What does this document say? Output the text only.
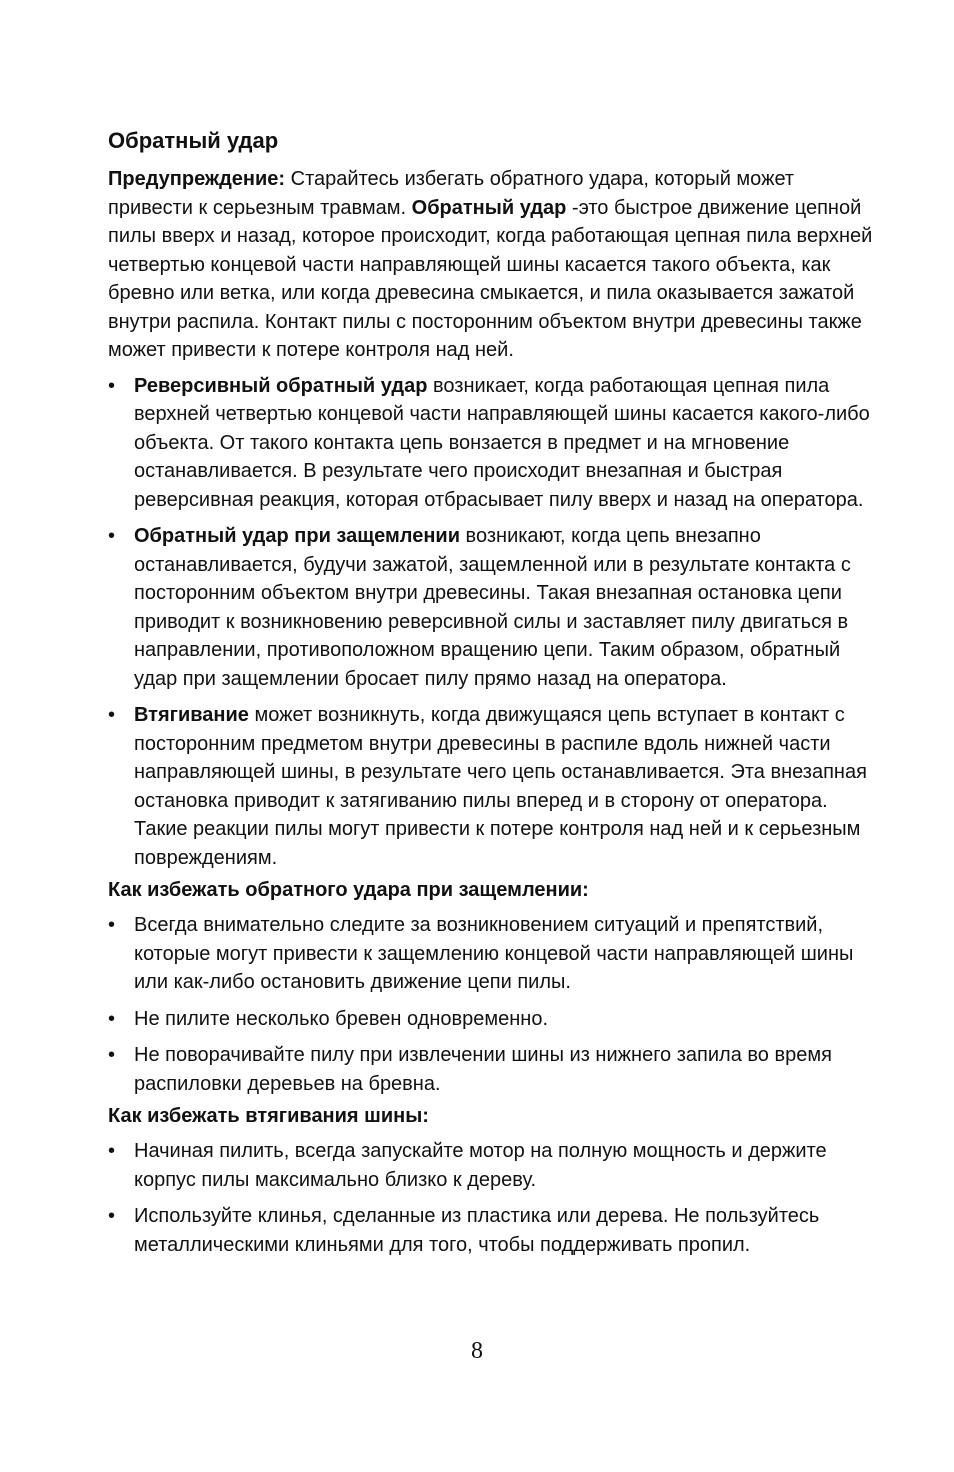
Обратный удар

Предупреждение: Старайтесь избегать обратного удара, который может привести к серьезным травмам. Обратный удар -это быстрое движение цепной пилы вверх и назад, которое происходит, когда работающая цепная пила верхней четвертью концевой части направляющей шины касается такого объекта, как бревно или ветка, или когда древесина смыкается, и пила оказывается зажатой внутри распила. Контакт пилы с посторонним объектом внутри древесины также может привести к потере контроля над ней.

• Реверсивный обратный удар возникает, когда работающая цепная пила верхней четвертью концевой части направляющей шины касается какого-либо объекта. От такого контакта цепь вонзается в предмет и на мгновение останавливается. В результате чего происходит внезапная и быстрая реверсивная реакция, которая отбрасывает пилу вверх и назад на оператора.
• Обратный удар при защемлении возникают, когда цепь внезапно останавливается, будучи зажатой, защемленной или в результате контакта с посторонним объектом внутри древесины. Такая внезапная остановка цепи приводит к возникновению реверсивной силы и заставляет пилу двигаться в направлении, противоположном вращению цепи. Таким образом, обратный удар при защемлении бросает пилу прямо назад на оператора.
• Втягивание может возникнуть, когда движущаяся цепь вступает в контакт с посторонним предметом внутри древесины в распиле вдоль нижней части направляющей шины, в результате чего цепь останавливается. Эта внезапная остановка приводит к затягиванию пилы вперед и в сторону от оператора. Такие реакции пилы могут привести к потере контроля над ней и к серьезным повреждениям.
Как избежать обратного удара при защемлении:
• Всегда внимательно следите за возникновением ситуаций и препятствий, которые могут привести к защемлению концевой части направляющей шины или как-либо остановить движение цепи пилы.
• Не пилите несколько бревен одновременно.
• Не поворачивайте пилу при извлечении шины из нижнего запила во время распиловки деревьев на бревна.
Как избежать втягивания шины:
• Начиная пилить, всегда запускайте мотор на полную мощность и держите корпус пилы максимально близко к дереву.
• Используйте клинья, сделанные из пластика или дерева. Не пользуйтесь металлическими клиньями для того, чтобы поддерживать пропил.
8
